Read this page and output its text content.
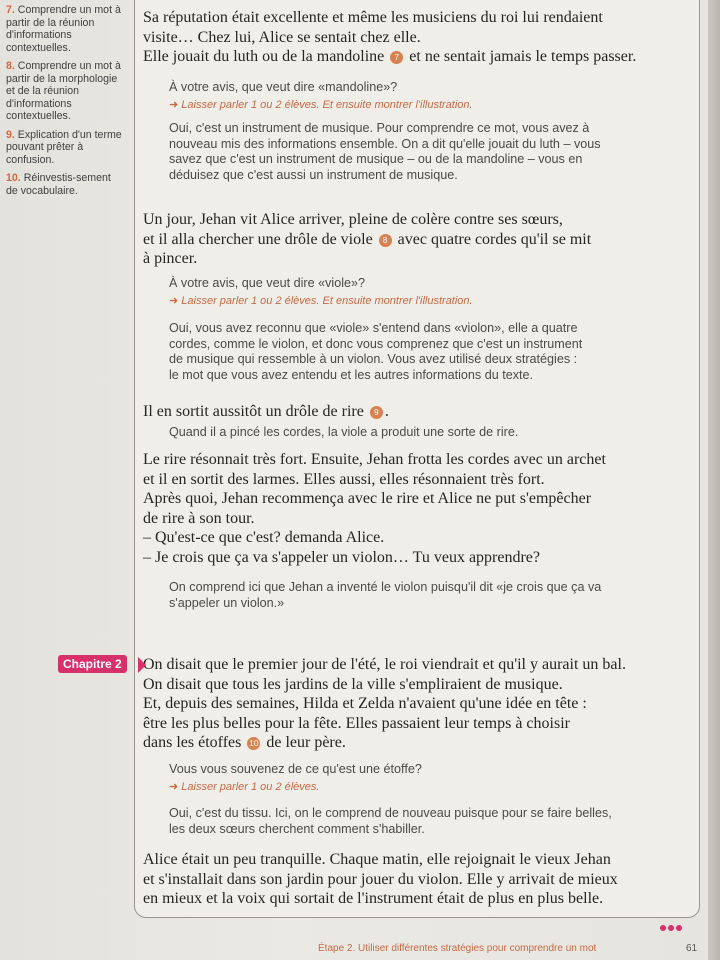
7. Comprendre un mot à partir de la réunion d'informations contextuelles.
8. Comprendre un mot à partir de la morphologie et de la réunion d'informations contextuelles.
9. Explication d'un terme pouvant prêter à confusion.
10. Réinvestis-sement de vocabulaire.
Sa réputation était excellente et même les musiciens du roi lui rendaient
visite… Chez lui, Alice se sentait chez elle.
Elle jouait du luth ou de la mandoline 7 et ne sentait jamais le temps passer.
À votre avis, que veut dire «mandoline»?
➜ Laisser parler 1 ou 2 élèves. Et ensuite montrer l'illustration.
Oui, c'est un instrument de musique. Pour comprendre ce mot, vous avez à
nouveau mis des informations ensemble. On a dit qu'elle jouait du luth – vous
savez que c'est un instrument de musique – ou de la mandoline – vous en
déduisez que c'est aussi un instrument de musique.
Un jour, Jehan vit Alice arriver, pleine de colère contre ses sœurs,
et il alla chercher une drôle de viole 8 avec quatre cordes qu'il se mit
à pincer.
À votre avis, que veut dire «viole»?
➜ Laisser parler 1 ou 2 élèves. Et ensuite montrer l'illustration.
Oui, vous avez reconnu que «viole» s'entend dans «violon», elle a quatre
cordes, comme le violon, et donc vous comprenez que c'est un instrument
de musique qui ressemble à un violon. Vous avez utilisé deux stratégies :
le mot que vous avez entendu et les autres informations du texte.
Il en sortit aussitôt un drôle de rire 9 .
Quand il a pincé les cordes, la viole a produit une sorte de rire.
Le rire résonnait très fort. Ensuite, Jehan frotta les cordes avec un archet
et il en sortit des larmes. Elles aussi, elles résonnaient très fort.
Après quoi, Jehan recommença avec le rire et Alice ne put s'empêcher
de rire à son tour.
– Qu'est-ce que c'est? demanda Alice.
– Je crois que ça va s'appeler un violon… Tu veux apprendre?
On comprend ici que Jehan a inventé le violon puisqu'il dit «je crois que ça va
s'appeler un violon.»
On disait que le premier jour de l'été, le roi viendrait et qu'il y aurait un bal.
On disait que tous les jardins de la ville s'empliraient de musique.
Et, depuis des semaines, Hilda et Zelda n'avaient qu'une idée en tête :
être les plus belles pour la fête. Elles passaient leur temps à choisir
dans les étoffes 10 de leur père.
Vous vous souvenez de ce qu'est une étoffe?
➜ Laisser parler 1 ou 2 élèves.
Oui, c'est du tissu. Ici, on le comprend de nouveau puisque pour se faire belles,
les deux sœurs cherchent comment s'habiller.
Alice était un peu tranquille. Chaque matin, elle rejoignait le vieux Jehan
et s'installait dans son jardin pour jouer du violon. Elle y arrivait de mieux
en mieux et la voix qui sortait de l'instrument était de plus en plus belle.
Chapitre 2
Étape 2. Utiliser différentes stratégies pour comprendre un mot	61
